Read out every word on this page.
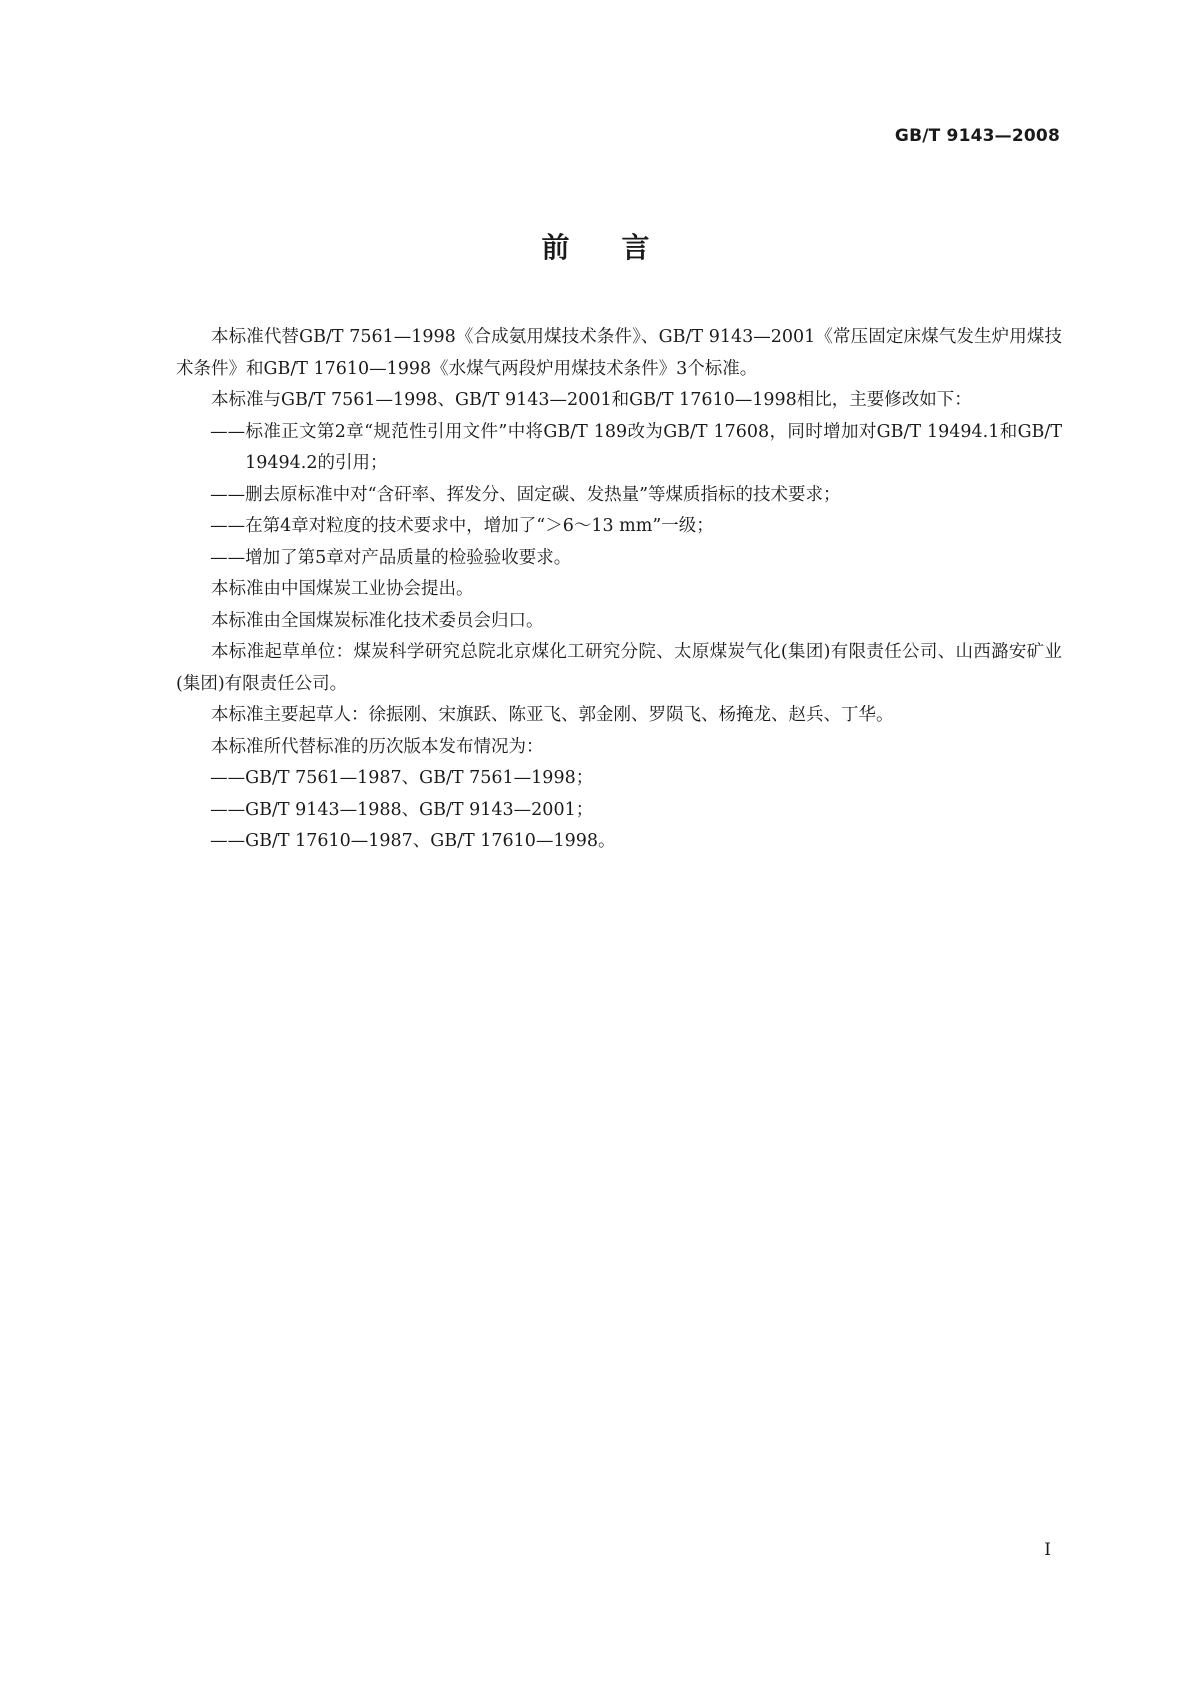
GB/T 9143—2008
前言

本标准代替GB/T 7561—1998《合成氨用煤技术条件》、GB/T 9143—2001《常压固定床煤气发生炉用煤技术条件》和GB/T 17610—1998《水煤气两段炉用煤技术条件》3个标准。

本标准与GB/T 7561—1998、GB/T 9143—2001和GB/T 17610—1998相比，主要修改如下：

——标准正文第2章“规范性引用文件”中将GB/T 189改为GB/T 17608，同时增加对GB/T 19494.1和GB/T 19494.2的引用；

——删去原标准中对“含矸率、挥发分、固定碳、发热量”等煤质指标的技术要求；

——在第4章对粒度的技术要求中，增加了“＞6～13 mm”一级；

——增加了第5章对产品质量的检验验收要求。

本标准由中国煤炭工业协会提出。

本标准由全国煤炭标准化技术委员会归口。

本标准起草单位：煤炭科学研究总院北京煤化工研究分院、太原煤炭气化(集团)有限责任公司、山西潞安矿业(集团)有限责任公司。

本标准主要起草人：徐振刚、宋旗跃、陈亚飞、郭金刚、罗陨飞、杨掩龙、赵兵、丁华。

本标准所代替标准的历次版本发布情况为：

——GB/T 7561—1987、GB/T 7561—1998；

——GB/T 9143—1988、GB/T 9143—2001；

——GB/T 17610—1987、GB/T 17610—1998。

I
